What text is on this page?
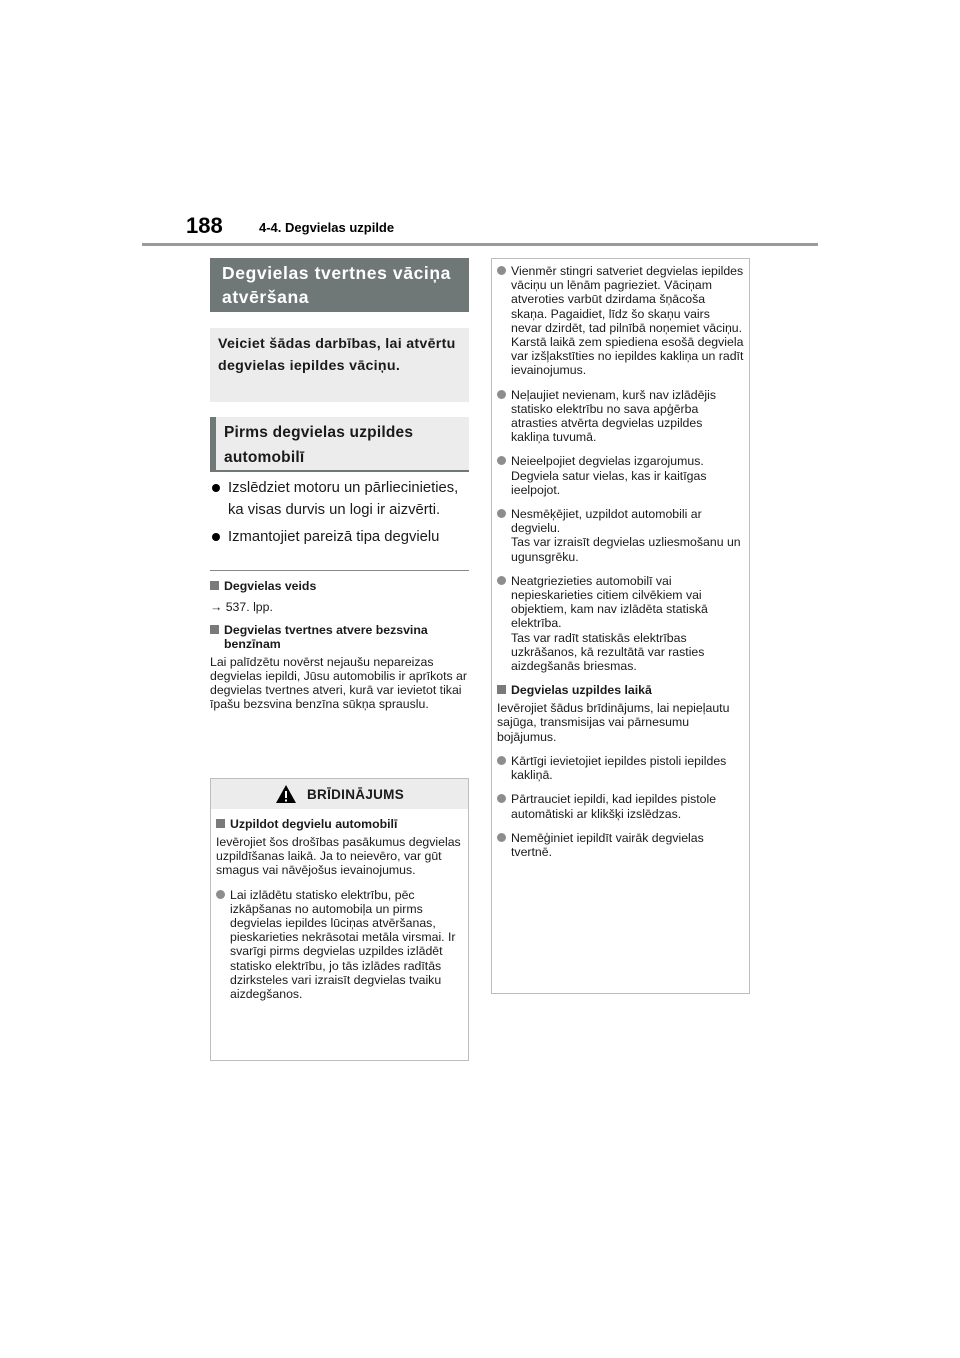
188	4-4. Degvielas uzpilde
Degvielas tvertnes vāciņa atvēršana
Veiciet šādas darbības, lai atvērtu degvielas iepildes vāciņu.
Pirms degvielas uzpildes automobilī
Izslēdziet motoru un pārliecinieties, ka visas durvis un logi ir aizvērti.
Izmantojiet pareizā tipa degvielu
Degvielas veids
→ 537. lpp.
Degvielas tvertnes atvere bezsvina benzīnam
Lai palīdzētu novērst nejaušu nepareizas degvielas iepildi, Jūsu automobilis ir aprīkots ar degvielas tvertnes atveri, kurā var ievietot tikai īpašu bezsvina benzīna sūkņa sprauslu.
BRĪDINĀJUMS
Uzpildot degvielu automobilī
Ievērojiet šos drošības pasākumus degvielas uzpildīšanas laikā. Ja to neievēro, var gūt smagus vai nāvējošus ievainojumus.
Lai izlādētu statisko elektrību, pēc izkāpšanas no automobiļa un pirms degvielas iepildes lūciņas atvēršanas, pieskarieties nekrāsotai metāla virsmai. Ir svarīgi pirms degvielas uzpildes izlādēt statisko elektrību, jo tās izlādes radītās dzirksteles vari izraisīt degvielas tvaiku aizdegšanos.
Vienmēr stingri satveriet degvielas iepildes vāciņu un lēnām pagrieziet. Vāciņam atveroties varbūt dzirdama šņācoša skaņa. Pagaidiet, līdz šo skaņu vairs nevar dzirdēt, tad pilnībā noņemiet vāciņu. Karstā laikā zem spiediena esošā degviela var izšļakstīties no iepildes kakliņa un radīt ievainojumus.
Neļaujiet nevienam, kurš nav izlādējis statisko elektrību no sava apģērba atrasties atvērta degvielas uzpildes kakliņa tuvumā.
Neieelpojiet degvielas izgarojumus. Degviela satur vielas, kas ir kaitīgas ieelpojot.
Nesmēķējiet, uzpildot automobili ar degvielu.
Tas var izraisīt degvielas uzliesmošanu un ugunsgrēku.
Neatgriezieties automobilī vai nepieskarieties citiem cilvēkiem vai objektiem, kam nav izlādēta statiskā elektrība.
Tas var radīt statiskās elektrības uzkrāšanos, kā rezultātā var rasties aizdegšanās briesmas.
Degvielas uzpildes laikā
Ievērojiet šādus brīdinājums, lai nepieļautu sajūga, transmisijas vai pārnesumu bojājumus.
Kārtīgi ievietojiet iepildes pistoli iepildes kakliņā.
Pārtrauciet iepildi, kad iepildes pistole automātiski ar klikšķi izslēdzas.
Nemēģiniet iepildīt vairāk degvielas tvertnē.
